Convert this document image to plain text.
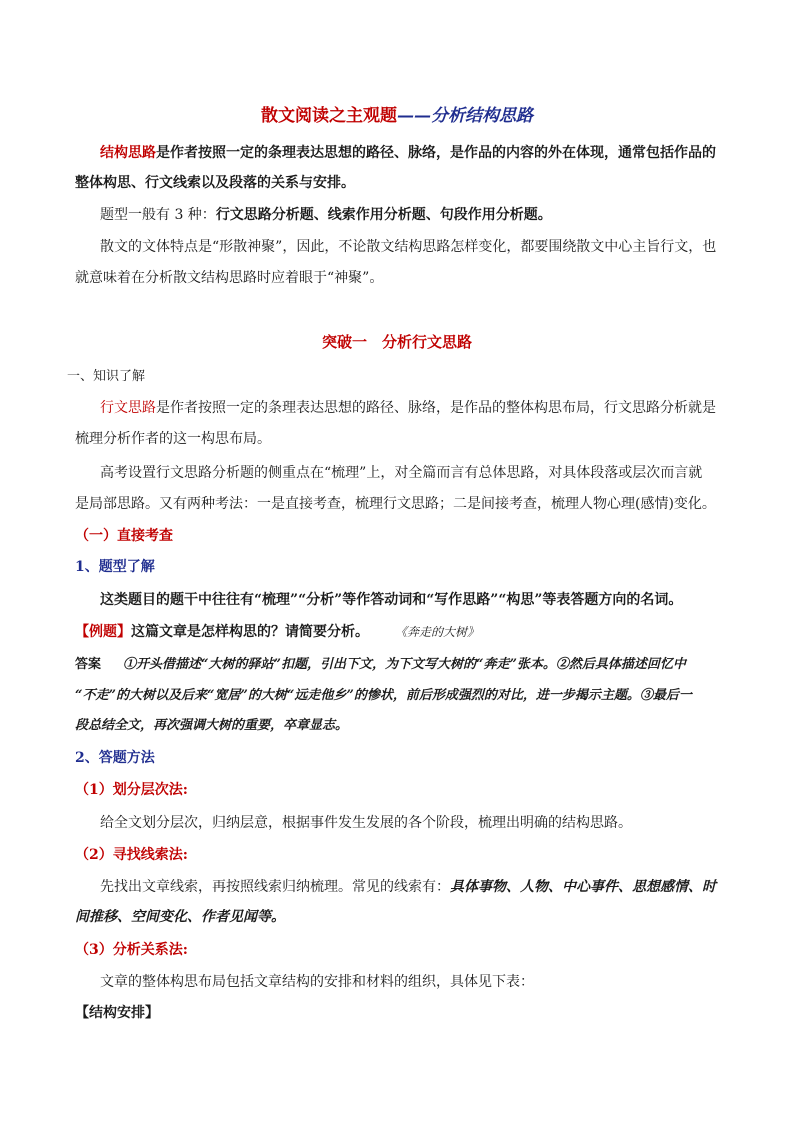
散文阅读之主观题——分析结构思路
结构思路是作者按照一定的条理表达思想的路径、脉络，是作品的内容的外在体现，通常包括作品的
整体构思、行文线索以及段落的关系与安排。
题型一般有 3 种：行文思路分析题、线索作用分析题、句段作用分析题。
散文的文体特点是“形散神聚”，因此，不论散文结构思路怎样变化，都要围绕散文中心主旨行文，也
就意味着在分析散文结构思路时应着眼于“神聚”。
突破一　分析行文思路
一、知识了解
行文思路是作者按照一定的条理表达思想的路径、脉络，是作品的整体构思布局，行文思路分析就是
梳理分析作者的这一构思布局。
高考设置行文思路分析题的侧重点在“梳理”上，对全篇而言有总体思路，对具体段落或层次而言就
是局部思路。又有两种考法：一是直接考查，梳理行文思路；二是间接考查，梳理人物心理(感情)变化。
（一）直接考查
1、题型了解
这类题目的题干中往往有“梳理”“分析”等作答动词和“写作思路”“构思”等表答题方向的名词。
【例题】这篇文章是怎样构思的？请简要分析。	《奔走的大树》
答案 ①开头借描述“大树的驿站”扣题，引出下文，为下文写大树的“奔走”张本。②然后具体描述回忆中
“不走”的大树以及后来“宽居”的大树“远走他乡”的惨状，前后形成强烈的对比，进一步揭示主题。③最后一
段总结全文，再次强调大树的重要，卒章显志。
2、答题方法
（1）划分层次法:
给全文划分层次，归纳层意，根据事件发生发展的各个阶段，梳理出明确的结构思路。
（2）寻找线索法:
先找出文章线索，再按照线索归纳梳理。常见的线索有：具体事物、人物、中心事件、思想感情、时
间推移、空间变化、作者见闻等。
（3）分析关系法:
文章的整体构思布局包括文章结构的安排和材料的组织，具体见下表：
【结构安排】
